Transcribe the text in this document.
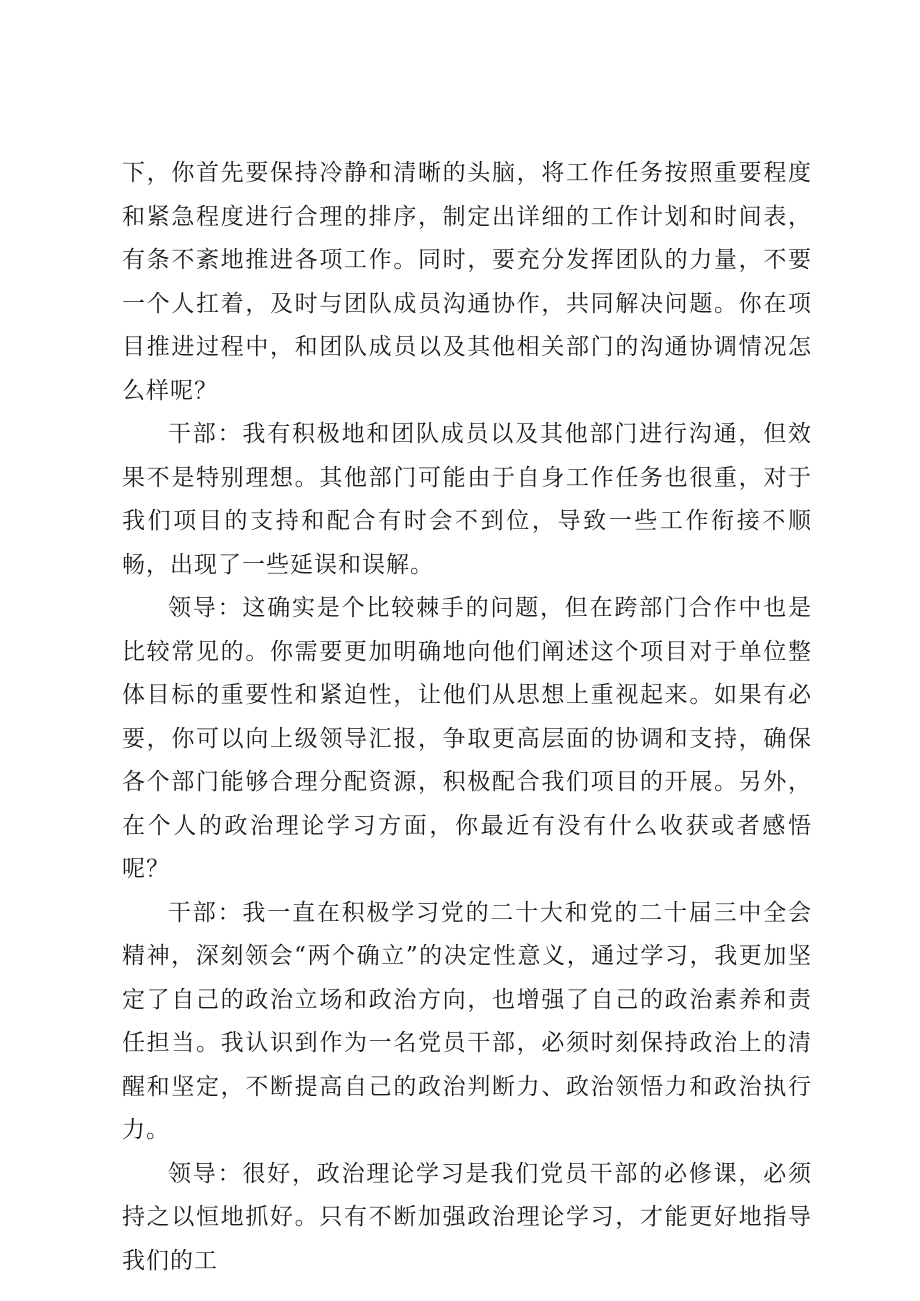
下，你首先要保持冷静和清晰的头脑，将工作任务按照重要程度和紧急程度进行合理的排序，制定出详细的工作计划和时间表，有条不紊地推进各项工作。同时，要充分发挥团队的力量，不要一个人扛着，及时与团队成员沟通协作，共同解决问题。你在项目推进过程中，和团队成员以及其他相关部门的沟通协调情况怎么样呢？

干部：我有积极地和团队成员以及其他部门进行沟通，但效果不是特别理想。其他部门可能由于自身工作任务也很重，对于我们项目的支持和配合有时会不到位，导致一些工作衔接不顺畅，出现了一些延误和误解。

领导：这确实是个比较棘手的问题，但在跨部门合作中也是比较常见的。你需要更加明确地向他们阐述这个项目对于单位整体目标的重要性和紧迫性，让他们从思想上重视起来。如果有必要，你可以向上级领导汇报，争取更高层面的协调和支持，确保各个部门能够合理分配资源，积极配合我们项目的开展。另外，在个人的政治理论学习方面，你最近有没有什么收获或者感悟呢？

干部：我一直在积极学习党的二十大和党的二十届三中全会精神，深刻领会“两个确立”的决定性意义，通过学习，我更加坚定了自己的政治立场和政治方向，也增强了自己的政治素养和责任担当。我认识到作为一名党员干部，必须时刻保持政治上的清醒和坚定，不断提高自己的政治判断力、政治领悟力和政治执行力。

领导：很好，政治理论学习是我们党员干部的必修课，必须持之以恒地抓好。只有不断加强政治理论学习，才能更好地指导我们的工
